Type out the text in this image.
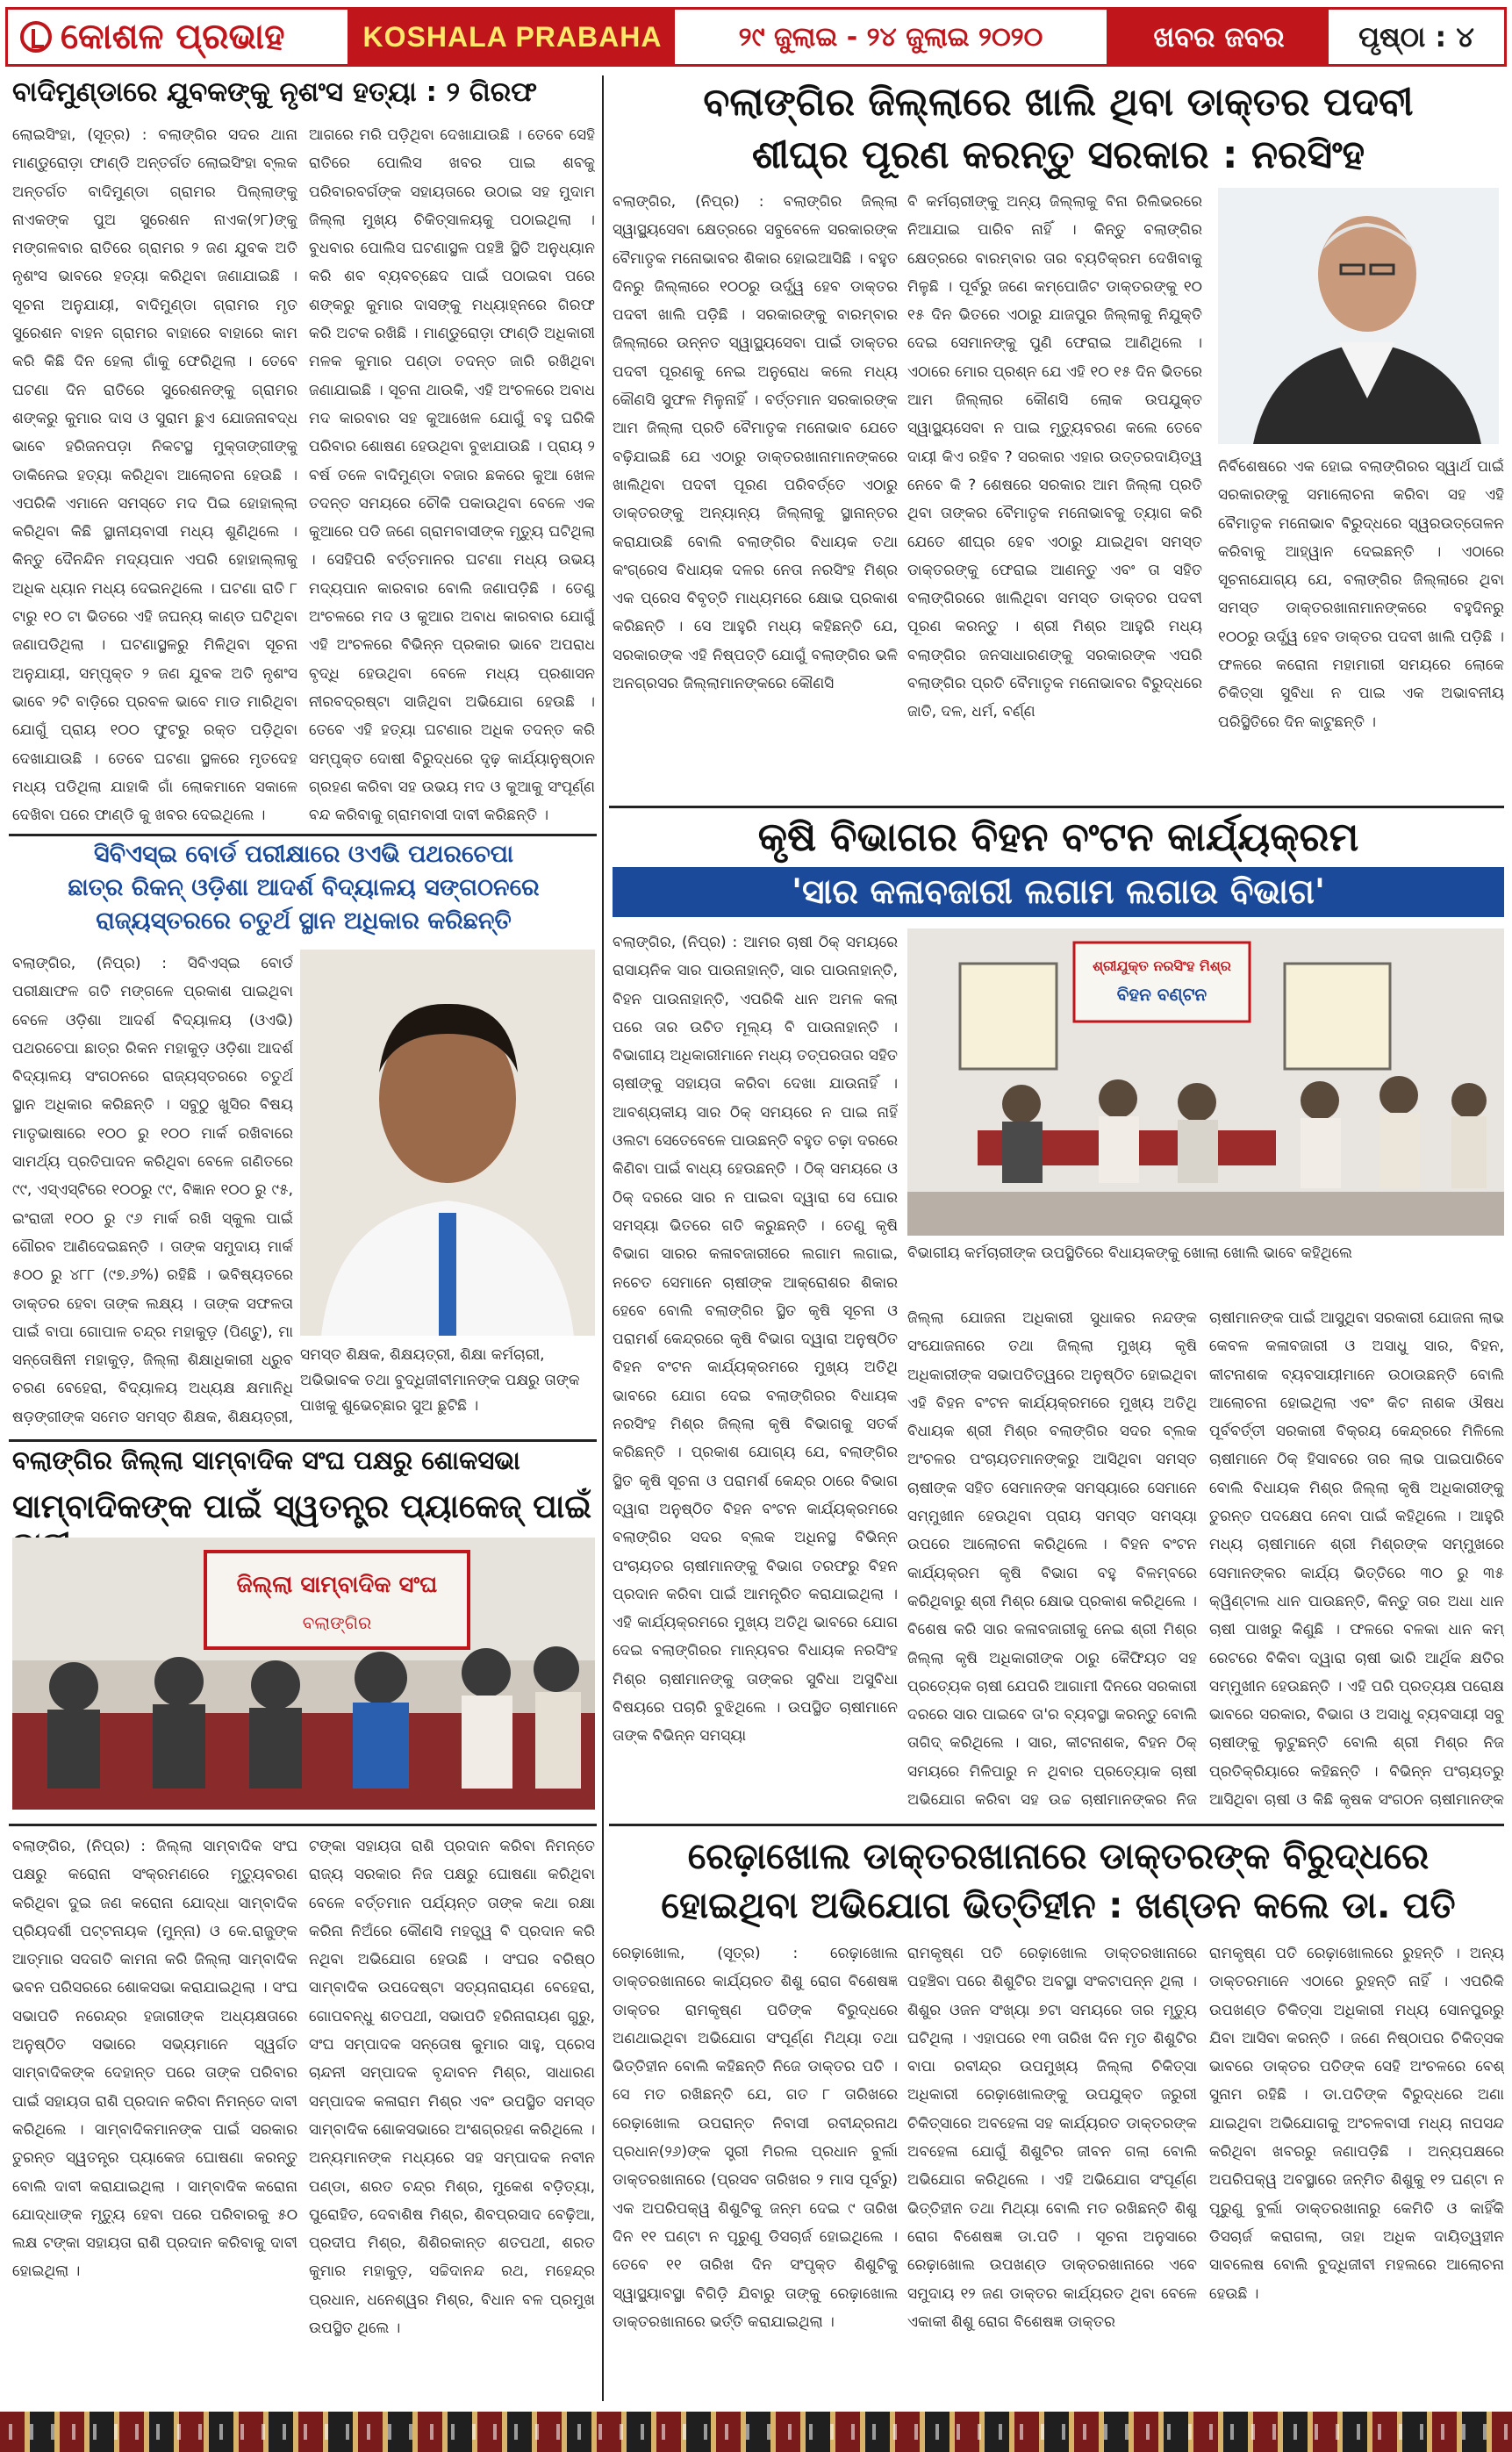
କୋଶଳ ପ୍ରଭାହ	KOSHALA PRABAHA	୨୯ ଜୁଲାଇ - ୨୪ ଜୁଲାଇ ୨୦୨୦	ଖବର ଜବର	ପୃଷ୍ଠା : ୪
ବାଦିମୁଣ୍ଡାରେ ଯୁବକଙ୍କୁ ନୃଶଂସ ହତ୍ୟା : ୨ ଗିରଫ
ଲୋଇସିଂହା, (ସୂତ୍ର) : ବଲାଙ୍ଗିର ସଦର ଥାନା ମାଣ୍ଡୁରୋଡ଼ା ଫାଣ୍ଡି ଅନ୍ତର୍ଗତ ଲୋଇସିଂହା ବ୍ଲକ ଅନ୍ତର୍ଗତ ବାଦିମୁଣ୍ଡା ଗ୍ରାମର ପିଲ୍ଲାଙ୍କୁ ନାଏକଙ୍କ ପୁଅ ସୁରେଶନ ନାଏକ(୨୮)ଙ୍କୁ ମଙ୍ଗଳବାର ରାତିରେ ଗ୍ରାମର ୨ ଜଣ ଯୁବକ ଅତି ନୃଶଂସ ଭାବରେ ହତ୍ୟା କରିଥିବା ଜଣାଯାଇଛି । ସୂଚନା ଅନୁଯାୟୀ, ବାଦିମୁଣ୍ଡା ଗ୍ରାମର ମୃତ ସୁରେଶନ ବାହନ ଗ୍ରାମର ବାହାରେ ବାହାରେ କାମ କରି କିଛି ଦିନ ହେଲା ଗାଁକୁ ଫେରିଥିଲା । ତେବେ ଘଟଣା ଦିନ ରାତିରେ ସୁରେଶନଙ୍କୁ ଗ୍ରାମର ଶଙ୍କରୁ କୁମାର ଦାସ ଓ ସୁରାମ ଛୁଏ ଯୋଜନାବଦ୍ଧ ଭାବେ ହରିଜନପଡ଼ା ନିକଟସ୍ଥ ମୁକ୍ତାଙ୍ଗୀଙ୍କୁ ଡାକିନେଇ ହତ୍ୟା କରିଥିବା ଆଲୋଚନା ହେଉଛି । ଏପରିକି ଏମାନେ ସମସ୍ତେ ମଦ ପିଇ ହୋହାଲ୍ଲା କରିଥିବା କିଛି ସ୍ଥାନୀୟବାସୀ ମଧ୍ୟ ଶୁଣିଥିଲେ । କିନ୍ତୁ ଦୈନନ୍ଦିନ ମଦ୍ୟପାନ ଏପରି ହୋହାଲ୍ଲାକୁ ଅଧିକ ଧ୍ୟାନ ମଧ୍ୟ ଦେଇନଥିଲେ । ଘଟଣା ରାତି ୮ ଟାରୁ ୧୦ ଟା ଭିତରେ ଏହି ଜଘନ୍ୟ କାଣ୍ଡ ଘଟିଥିବା ଜଣାପଡିଥିଲା । ଘଟଣାସ୍ଥଳରୁ ମିଳିଥିବା ସୂଚନା ଅନୁଯାୟୀ, ସମ୍ପୃକ୍ତ ୨ ଜଣ ଯୁବକ ଅତି ନୃଶଂସ ଭାବେ ୨ଟି ବାଡ଼ିରେ ପ୍ରବଳ ଭାବେ ମାଡ ମାରିଥିବା ଯୋଗୁଁ ପ୍ରାୟ ୧୦୦ ଫୁଟରୁ ରକ୍ତ ପଡ଼ିଥିବା ଦେଖାଯାଉଛି । ତେବେ ଘଟଣା ସ୍ଥଳରେ ମୃତଦେହ ମଧ୍ୟ ପଡିଥିଲା ଯାହାକି ଗାଁ ଲୋକମାନେ ସକାଳେ ଦେଖିବା ପରେ ଫାଣ୍ଡି କୁ ଖବର ଦେଇଥିଲେ ।
ଆଗରେ ମରି ପଡ଼ିଥିବା ଦେଖାଯାଉଛି । ତେବେ ସେହି ରାତିରେ ପୋଲିସ ଖବର ପାଇ ଶବକୁ ପରିବାରବର୍ଗଙ୍କ ସହାୟତାରେ ଉଠାଇ ସହ ମୁଦାମ ଜିଲ୍ଲା ମୁଖ୍ୟ ଚିକିତ୍ସାଳୟକୁ ପଠାଇଥିଲା । ବୁଧବାର ପୋଲିସ ଘଟଣାସ୍ଥଳ ପହଞ୍ଚି ସ୍ଥିତି ଅନୁଧ୍ୟାନ କରି ଶବ ବ୍ୟବଚ୍ଛେଦ ପାଇଁ ପଠାଇବା ପରେ ଶଙ୍କରୁ କୁମାର ଦାସଙ୍କୁ ମଧ୍ୟାହ୍ନରେ ଗିରଫ କରି ଅଟକ ରଖିଛି । ମାଣ୍ଡୁରୋଡ଼ା ଫାଣ୍ଡି ଅଧିକାରୀ ମଳକ କୁମାର ପଣ୍ଡା ତଦନ୍ତ ଜାରି ରଖିଥିବା ଜଣାଯାଇଛି । ସୂଚନା ଥାଉକି, ଏହି ଅଂଚଳରେ ଅବାଧ ମଦ କାରବାର ସହ କୁଆଖେଳ ଯୋଗୁଁ ବହୁ ଘରିକି ପରିବାର ଶୋଷଣ ହେଉଥିବା ବୁଝାଯାଉଛି । ପ୍ରାୟ ୨ ବର୍ଷ ତଳେ ବାଦିମୁଣ୍ଡା ବଜାର ଛକରେ କୁଆ ଖେଳ ତଦନ୍ତ ସମୟରେ ଚୌକି ପକାଉଥିବା ବେଳେ ଏକ କୁଆରେ ପଡି ଜଣେ ଗ୍ରାମବାସୀଙ୍କ ମୃତ୍ୟୁ ଘଟିଥିଲା । ସେହିପରି ବର୍ତ୍ତମାନର ଘଟଣା ମଧ୍ୟ ଉଭୟ ମଦ୍ୟପାନ କାରବାର ବୋଲି ଜଣାପଡ଼ିଛି । ତେଣୁ ଅଂଚଳରେ ମଦ ଓ କୁଆର ଅବାଧ କାରବାର ଯୋଗୁଁ ଏହି ଅଂଚଳରେ ବିଭିନ୍ନ ପ୍ରକାର ଭାବେ ଅପରାଧ ବୃଦ୍ଧି ହେଉଥିବା ବେଳେ ମଧ୍ୟ ପ୍ରଶାସନ ନୀରବଦ୍ରଷ୍ଟା ସାଜିଥିବା ଅଭିଯୋଗ ହେଉଛି । ତେବେ ଏହି ହତ୍ୟା ଘଟଣାର ଅଧିକ ତଦନ୍ତ କରି ସମ୍ପୃକ୍ତ ଦୋଷୀ ବିରୁଦ୍ଧରେ ଦୃଢ଼ କାର୍ଯ୍ୟାନୁଷ୍ଠାନ ଗ୍ରହଣ କରିବା ସହ ଉଭୟ ମଦ ଓ କୁଆକୁ ସଂପୂର୍ଣ୍ଣ ବନ୍ଦ କରିବାକୁ ଗ୍ରାମବାସୀ ଦାବୀ କରିଛନ୍ତି ।
ବଲାଙ୍ଗିର ଜିଲ୍ଲାରେ ଖାଲି ଥିବା ଡାକ୍ତର ପଦବୀ
ଶୀଘ୍ର ପୂରଣ କରନ୍ତୁ ସରକାର : ନରସିଂହ
ବଲାଙ୍ଗିର, (ନିପ୍ର) : ବଲାଙ୍ଗିର ଜିଲ୍ଲା ସ୍ୱାସ୍ଥ୍ୟସେବା କ୍ଷେତ୍ରରେ ସବୁବେଳେ ସରକାରଙ୍କ ବୈମାତୃକ ମନୋଭାବର ଶିକାର ହୋଇଆସିଛି । ବହୁତ ଦିନରୁ ଜିଲ୍ଲାରେ ୧୦୦ରୁ ଉର୍ଦ୍ଧ୍ୱ ହେବ ଡାକ୍ତର ପଦବୀ ଖାଲି ପଡ଼ିଛି । ସରକାରଙ୍କୁ ବାରମ୍ବାର ଜିଲ୍ଲାରେ ଉନ୍ନତ ସ୍ୱାସ୍ଥ୍ୟସେବା ପାଇଁ ଡାକ୍ତର ପଦବୀ ପୂରଣକୁ ନେଇ ଅନୁରୋଧ କଲେ ମଧ୍ୟ କୌଣସି ସୁଫଳ ମିଳୁନାହିଁ । ବର୍ତ୍ତମାନ ସରକାରଙ୍କ ଆମ ଜିଲ୍ଲା ପ୍ରତି ବୈମାତୃକ ମନୋଭାବ ଯେତେ ବଢ଼ିଯାଇଛି ଯେ ଏଠାରୁ ଡାକ୍ତରଖାନାମାନଙ୍କରେ ଖାଲିଥିବା ପଦବୀ ପୂରଣ ପରିବର୍ତ୍ତେ ଏଠାରୁ ଡାକ୍ତରଙ୍କୁ ଅନ୍ୟାନ୍ୟ ଜିଲ୍ଲାକୁ ସ୍ଥାନାନ୍ତର କରାଯାଉଛି ବୋଲି ବଲାଙ୍ଗିର ବିଧାୟକ ତଥା କଂଗ୍ରେସ ବିଧାୟକ ଦଳର ନେତା ନରସିଂହ ମିଶ୍ର ଏକ ପ୍ରେସ ବିବୃତ୍ତି ମାଧ୍ୟମରେ କ୍ଷୋଭ ପ୍ରକାଶ କରିଛନ୍ତି । ସେ ଆହୁରି ମଧ୍ୟ କହିଛନ୍ତି ଯେ, ସରକାରଙ୍କ ଏହି ନିଷ୍ପତ୍ତି ଯୋଗୁଁ ବଲାଙ୍ଗିର ଭଳି ଅନଗ୍ରସର ଜିଲ୍ଲାମାନଙ୍କରେ କୌଣସି
ବି କର୍ମଚାରୀଙ୍କୁ ଅନ୍ୟ ଜିଲ୍ଲାକୁ ବିନା ରିଲିଭରରେ ନିଆଯାଇ ପାରିବ ନାହିଁ । କିନ୍ତୁ ବଲାଙ୍ଗିର କ୍ଷେତ୍ରରେ ବାରମ୍ବାର ତାର ବ୍ୟତିକ୍ରମ ଦେଖିବାକୁ ମିଳୁଛି । ପୂର୍ବରୁ ଜଣେ କମ୍ପୋଜିଟ ଡାକ୍ତରଙ୍କୁ ୧୦ ୧୫ ଦିନ ଭିତରେ ଏଠାରୁ ଯାଜପୁର ଜିଲ୍ଲାକୁ ନିଯୁକ୍ତି ଦେଇ ସେମାନଙ୍କୁ ପୁଣି ଫେରାଇ ଆଣିଥିଲେ । ଏଠାରେ ମୋର ପ୍ରଶ୍ନ ଯେ ଏହି ୧୦ ୧୫ ଦିନ ଭିତରେ ଆମ ଜିଲ୍ଲାର କୌଣସି ଲୋକ ଉପଯୁକ୍ତ ସ୍ୱାସ୍ଥ୍ୟସେବା ନ ପାଇ ମୃତ୍ୟୁବରଣ କଲେ ତେବେ ଦାୟୀ କିଏ ରହିବ ? ସରକାର ଏହାର ଉତ୍ତରଦାୟିତ୍ୱ ନେବେ କି ? ଶେଷରେ ସରକାର ଆମ ଜିଲ୍ଲା ପ୍ରତି ଥିବା ତାଙ୍କର ବୈମାତୃକ ମନୋଭାବକୁ ତ୍ୟାଗ କରି ଯେତେ ଶୀଘ୍ର ହେବ ଏଠାରୁ ଯାଇଥିବା ସମସ୍ତ ଡାକ୍ତରଙ୍କୁ ଫେରାଇ ଆଣନ୍ତୁ ଏବଂ ତା ସହିତ ବଲାଙ୍ଗିରରେ ଖାଲିଥିବା ସମସ୍ତ ଡାକ୍ତର ପଦବୀ ପୂରଣ କରନ୍ତୁ । ଶ୍ରୀ ମିଶ୍ର ଆହୁରି ମଧ୍ୟ ବଲାଙ୍ଗିର ଜନସାଧାରଣଙ୍କୁ ସରକାରଙ୍କ ଏପରି ବଲାଙ୍ଗିର ପ୍ରତି ବୈମାତୃକ ମନୋଭାବର ବିରୁଦ୍ଧରେ ଜାତି, ଦଳ, ଧର୍ମ, ବର୍ଣ୍ଣ
ନିର୍ବିଶେଷରେ ଏକ ହୋଇ ବଲାଙ୍ଗିରର ସ୍ୱାର୍ଥ ପାଇଁ ସରକାରଙ୍କୁ ସମାଲୋଚନା କରିବା ସହ ଏହି ବୈମାତୃକ ମନୋଭାବ ବିରୁଦ୍ଧରେ ସ୍ୱରଉତ୍ତୋଳନ କରିବାକୁ ଆହ୍ୱାନ ଦେଇଛନ୍ତି । ଏଠାରେ ସୂଚନାଯୋଗ୍ୟ ଯେ, ବଲାଙ୍ଗିର ଜିଲ୍ଲାରେ ଥିବା ସମସ୍ତ ଡାକ୍ତରଖାନାମାନଙ୍କରେ ବହୁଦିନରୁ ୧୦୦ରୁ ଉର୍ଦ୍ଧ୍ୱ ହେବ ଡାକ୍ତର ପଦବୀ ଖାଲି ପଡ଼ିଛି । ଫଳରେ କରୋନା ମହାମାରୀ ସମୟରେ ଲୋକେ ଚିକିତ୍ସା ସୁବିଧା ନ ପାଇ ଏକ ଅଭାବନୀୟ ପରିସ୍ଥିତିରେ ଦିନ କାଟୁଛନ୍ତି ।
ସିବିଏସ୍‌ଇ ବୋର୍ଡ ପରୀକ୍ଷାରେ ଓଏଭି ପଥରଚେପା
ଛାତ୍ର ରିକନ୍ ଓଡ଼ିଶା ଆଦର୍ଶ ବିଦ୍ୟାଳୟ ସଙ୍ଗଠନରେ
ରାଜ୍ୟସ୍ତରରେ ଚତୁର୍ଥ ସ୍ଥାନ ଅଧିକାର କରିଛନ୍ତି
ବଲାଙ୍ଗିର, (ନିପ୍ର) : ସିବିଏସ୍‌ଇ ବୋର୍ଡ ପରୀକ୍ଷାଫଳ ଗତି ମଙ୍ଗଳେ ପ୍ରକାଶ ପାଇଥିବା ବେଳେ ଓଡ଼ିଶା ଆଦର୍ଶ ବିଦ୍ୟାଳୟ (ଓଏଭି) ପଥରଚେପା ଛାତ୍ର ରିକନ ମହାକୁଡ଼ ଓଡ଼ିଶା ଆଦର୍ଶ ବିଦ୍ୟାଳୟ ସଂଗଠନରେ ରାଜ୍ୟସ୍ତରରେ ଚତୁର୍ଥ ସ୍ଥାନ ଅଧିକାର କରିଛନ୍ତି । ସବୁଠୁ ଖୁସିର ବିଷୟ ମାତୃଭାଷାରେ ୧୦୦ ରୁ ୧୦୦ ମାର୍କ ରଖିବାରେ ସାମର୍ଥ୍ୟ ପ୍ରତିପାଦନ କରିଥିବା ବେଳେ ଗଣିତରେ ୯୯, ଏସ୍‌ଏସ୍‌ଟିରେ ୧୦୦ରୁ ୯୯, ବିଜ୍ଞାନ ୧୦୦ ରୁ ୯୫, ଇଂରାଜୀ ୧୦୦ ରୁ ୯୬ ମାର୍କ ରଖି ସ୍କୁଲ ପାଇଁ ଗୌରବ ଆଣିଦେଇଛନ୍ତି । ତାଙ୍କ ସମୁଦାୟ ମାର୍କ ୫୦୦ ରୁ ୪୮୮ (୯୭.୬%) ରହିଛି । ଭବିଷ୍ୟତରେ ଡାକ୍ତର ହେବା ତାଙ୍କ ଲକ୍ଷ୍ୟ । ତାଙ୍କ ସଫଳତା ପାଇଁ ବାପା ଗୋପାଳ ଚନ୍ଦ୍ର ମହାକୁଡ଼ (ପିଣ୍ଟୁ), ମା ସନ୍ତୋଷିନୀ ମହାକୁଡ଼, ଜିଲ୍ଲା ଶିକ୍ଷାଧିକାରୀ ଧ୍ରୁବ ଚରଣ ବେହେରା, ବିଦ୍ୟାଳୟ ଅଧ୍ୟକ୍ଷ କ୍ଷମାନିଧି ଷଡ଼ଙ୍ଗୀଙ୍କ ସମେତ ସମସ୍ତ ଶିକ୍ଷକ, ଶିକ୍ଷୟତ୍ରୀ,
ସମସ୍ତ ଶିକ୍ଷକ, ଶିକ୍ଷୟତ୍ରୀ, ଶିକ୍ଷା କର୍ମଚାରୀ, ଅଭିଭାବକ ତଥା ବୁଦ୍ଧିଜୀବୀମାନଙ୍କ ପକ୍ଷରୁ ତାଙ୍କ ପାଖକୁ ଶୁଭେଚ୍ଛାର ସୁଅ ଛୁଟିଛି ।
ବଲାଙ୍ଗିର ଜିଲ୍ଲା ସାମ୍ବାଦିକ ସଂଘ ପକ୍ଷରୁ ଶୋକସଭା
ସାମ୍ବାଦିକଙ୍କ ପାଇଁ ସ୍ୱତନ୍ତ୍ର ପ୍ୟାକେଜ୍ ପାଇଁ
ଜିଲ୍ଲା ସାମ୍ବାଦିକ ସଂଘ
ବଲାଙ୍ଗିର
ବଲାଙ୍ଗିର, (ନିପ୍ର) : ଜିଲ୍ଲା ସାମ୍ବାଦିକ ସଂଘ ପକ୍ଷରୁ କରୋନା ସଂକ୍ରମଣରେ ମୃତ୍ୟୁବରଣ କରିଥିବା ଦୁଇ ଜଣ କରୋନା ଯୋଦ୍ଧା ସାମ୍ବାଦିକ ପ୍ରିୟଦର୍ଶୀ ପଟ୍ଟନାୟକ (ମୁନ୍ନା) ଓ କେ.ରାଜୁଙ୍କ ଆତ୍ମାର ସଦଗତି କାମନା କରି ଜିଲ୍ଲା ସାମ୍ବାଦିକ ଭବନ ପରିସରରେ ଶୋକସଭା କରାଯାଇଥିଲା । ସଂଘ ସଭାପତି ନରେନ୍ଦ୍ର ହଜାରୀଙ୍କ ଅଧ୍ୟକ୍ଷତାରେ ଅନୁଷ୍ଠିତ ସଭାରେ ସଭ୍ୟମାନେ ସ୍ୱର୍ଗତ ସାମ୍ବାଦିକଙ୍କ ଦେହାନ୍ତ ପରେ ତାଙ୍କ ପରିବାର ପାଇଁ ସହାୟତା ରାଶି ପ୍ରଦାନ କରିବା ନିମନ୍ତେ ଦାବୀ କରିଥିଲେ । ସାମ୍ବାଦିକମାନଙ୍କ ପାଇଁ ସରକାର ତୁରନ୍ତ ସ୍ୱତନ୍ତ୍ର ପ୍ୟାକେଜ ଘୋଷଣା କରନ୍ତୁ ବୋଲି ଦାବୀ କରାଯାଇଥିଲା । ସାମ୍ବାଦିକ କରୋନା ଯୋଦ୍ଧାଙ୍କ ମୃତ୍ୟୁ ହେବା ପରେ ପରିବାରକୁ ୫୦ ଲକ୍ଷ ଟଙ୍କା ସହାୟତା ରାଶି ପ୍ରଦାନ କରିବାକୁ ଦାବୀ ହୋଇଥିଲା ।
ଟଙ୍କା ସହାୟତା ରାଶି ପ୍ରଦାନ କରିବା ନିମନ୍ତେ ରାଜ୍ୟ ସରକାର ନିଜ ପକ୍ଷରୁ ଘୋଷଣା କରିଥିବା ବେଳେ ବର୍ତ୍ତମାନ ପର୍ଯ୍ୟନ୍ତ ତାଙ୍କ କଥା ରକ୍ଷା କରିନା ନିଅଁରେ କୌଣସି ମହତ୍ତ୍ୱ ବି ପ୍ରଦାନ କରି ନଥିବା ଅଭିଯୋଗ ହେଉଛି । ସଂଘର ବରିଷ୍ଠ ସାମ୍ବାଦିକ ଉପଦେଷ୍ଟା ସତ୍ୟନାରାୟଣ ବେହେରା, ଗୋପବନ୍ଧୁ ଶତପଥୀ, ସଭାପତି ହରିନାରାୟଣ ଗୁରୁ, ସଂଘ ସମ୍ପାଦକ ସନ୍ତୋଷ କୁମାର ସାହୁ, ପ୍ରେସ ଚାନ୍ଦନୀ ସମ୍ପାଦକ ବୃନ୍ଦାବନ ମିଶ୍ର, ସାଧାରଣ ସମ୍ପାଦକ କଳାରାମ ମିଶ୍ର ଏବଂ ଉପସ୍ଥିତ ସମସ୍ତ ସାମ୍ବାଦିକ ଶୋକସଭାରେ ଅଂଶଗ୍ରହଣ କରିଥିଲେ । ଅନ୍ୟମାନଙ୍କ ମଧ୍ୟରେ ସହ ସମ୍ପାଦକ ନବୀନ ପଣ୍ଡା, ଶରତ ଚନ୍ଦ୍ର ମିଶ୍ର, ମୁକେଶ ବଡ଼ିତ୍ୟା, ପୁରୋହିତ, ଦେବାଶିଷ ମିଶ୍ର, ଶିବପ୍ରସାଦ ବେଢ଼ିଆ, ପ୍ରଦୀପ ମିଶ୍ର, ଶିଶିରକାନ୍ତ ଶତପଥୀ, ଶରତ କୁମାର ମହାକୁଡ଼, ସଚ୍ଚିଦାନନ୍ଦ ରଥ, ମହେନ୍ଦ୍ର ପ୍ରଧାନ, ଧନେଶ୍ୱର ମିଶ୍ର, ବିଧାନ ବଳ ପ୍ରମୁଖ ଉପସ୍ଥିତ ଥିଲେ ।
କୃଷି ବିଭାଗର ବିହନ ବଂଟନ କାର୍ଯ୍ୟକ୍ରମ
'ସାର କଳାବଜାରୀ ଲଗାମ ଲଗାଉ ବିଭାଗ'
ବଲାଙ୍ଗିର, (ନିପ୍ର) : ଆମର ଚାଷୀ ଠିକ୍ ସମୟରେ ରାସାୟନିକ ସାର ପାଉନାହାନ୍ତି, ସାର ପାଉନାହାନ୍ତି, ବିହନ ପାଉନାହାନ୍ତି, ଏପରିକି ଧାନ ଅମଳ କଲା ପରେ ତାର ଉଚିତ ମୂଲ୍ୟ ବି ପାଉନାହାନ୍ତି । ବିଭାଗୀୟ ଅଧିକାରୀମାନେ ମଧ୍ୟ ତତ୍ପରତାର ସହିତ ଚାଷୀଙ୍କୁ ସହାୟତା କରିବା ଦେଖା ଯାଉନାହିଁ । ଆବଶ୍ୟକୀୟ ସାର ଠିକ୍ ସମୟରେ ନ ପାଇ ନାହିଁ ଓଲଟା ସେତେବେଳେ ପାଉଛନ୍ତି ବହୁତ ଚଢ଼ା ଦରରେ କିଣିବା ପାଇଁ ବାଧ୍ୟ ହେଉଛନ୍ତି । ଠିକ୍ ସମୟରେ ଓ ଠିକ୍ ଦରରେ ସାର ନ ପାଇବା ଦ୍ୱାରା ସେ ଘୋର ସମସ୍ୟା ଭିତରେ ଗତି କରୁଛନ୍ତି । ତେଣୁ କୃଷି ବିଭାଗ ସାରର କଳାବଜାରୀରେ ଲଗାମ ଲଗାଇ, ନଚେତ ସେମାନେ ଚାଷୀଙ୍କ ଆକ୍ରୋଶର ଶିକାର ହେବେ ବୋଲି ବଲାଙ୍ଗିର ସ୍ଥିତ କୃଷି ସୂଚନା ଓ ପରାମର୍ଶ କେନ୍ଦ୍ରରେ କୃଷି ବିଭାଗ ଦ୍ୱାରା ଅନୁଷ୍ଠିତ ବିହନ ବଂଟନ କାର୍ଯ୍ୟକ୍ରମରେ ମୁଖ୍ୟ ଅତିଥି ଭାବରେ ଯୋଗ ଦେଇ ବଲାଙ୍ଗିରର ବିଧାୟକ ନରସିଂହ ମିଶ୍ର ଜିଲ୍ଲା କୃଷି ବିଭାଗକୁ ସତର୍କ କରିଛନ୍ତି । ପ୍ରକାଶ ଯୋଗ୍ୟ ଯେ, ବଲାଙ୍ଗିର ସ୍ଥିତ କୃଷି ସୂଚନା ଓ ପରାମର୍ଶ କେନ୍ଦ୍ର ଠାରେ ବିଭାଗ ଦ୍ୱାରା ଅନୁଷ୍ଠିତ ବିହନ ବଂଟନ କାର୍ଯ୍ୟକ୍ରମରେ ବଲାଙ୍ଗିର ସଦର ବ୍ଲକ ଅଧିନସ୍ଥ ବିଭିନ୍ନ ପଂଚାୟତର ଚାଷୀମାନଙ୍କୁ ବିଭାଗ ତରଫରୁ ବିହନ ପ୍ରଦାନ କରିବା ପାଇଁ ଆମନ୍ତ୍ରିତ କରାଯାଇଥିଲା । ଏହି କାର୍ଯ୍ୟକ୍ରମରେ ମୁଖ୍ୟ ଅତିଥି ଭାବରେ ଯୋଗ ଦେଇ ବଲାଙ୍ଗିରର ମାନ୍ୟବର ବିଧାୟକ ନରସିଂହ ମିଶ୍ର ଚାଷୀମାନଙ୍କୁ ତାଙ୍କର ସୁବିଧା ଅସୁବିଧା ବିଷୟରେ ପଚାରି ବୁଝିଥିଲେ । ଉପସ୍ଥିତ ଚାଷୀମାନେ ତାଙ୍କ ବିଭିନ୍ନ ସମସ୍ୟା
ଶ୍ରୀଯୁକ୍ତ ନରସିଂହ ମିଶ୍ର
ବିହନ ବଣ୍ଟନ
ବିଭାଗୀୟ କର୍ମଚାରୀଙ୍କ ଉପସ୍ଥିତିରେ ବିଧାୟକଙ୍କୁ ଖୋଲା ଖୋଲି ଭାବେ କହିଥିଲେ
ଜିଲ୍ଲା ଯୋଜନା ଅଧିକାରୀ ସୁଧାକର ନନ୍ଦଙ୍କ ସଂଯୋଜନାରେ ତଥା ଜିଲ୍ଲା ମୁଖ୍ୟ କୃଷି ଅଧିକାରୀଙ୍କ ସଭାପତିତ୍ୱରେ ଅନୁଷ୍ଠିତ ହୋଇଥିବା ଏହି ବିହନ ବଂଟନ କାର୍ଯ୍ୟକ୍ରମରେ ମୁଖ୍ୟ ଅତିଥି ବିଧାୟକ ଶ୍ରୀ ମିଶ୍ର ବଲାଙ୍ଗିର ସଦର ବ୍ଲକ ଅଂଚଳର ପଂଚାୟତମାନଙ୍କରୁ ଆସିଥିବା ସମସ୍ତ ଚାଷୀଙ୍କ ସହିତ ସେମାନଙ୍କ ସମସ୍ୟାରେ ସେମାନେ ସମ୍ମୁଖୀନ ହେଉଥିବା ପ୍ରାୟ ସମସ୍ତ ସମସ୍ୟା ଉପରେ ଆଲୋଚନା କରିଥିଲେ । ବିହନ ବଂଟନ କାର୍ଯ୍ୟକ୍ରମ କୃଷି ବିଭାଗ ବହୁ ବିଳମ୍ବରେ କରିଥିବାରୁ ଶ୍ରୀ ମିଶ୍ର କ୍ଷୋଭ ପ୍ରକାଶ କରିଥିଲେ । ବିଶେଷ କରି ସାର କଳାବଜାରୀକୁ ନେଇ ଶ୍ରୀ ମିଶ୍ର ଜିଲ୍ଲା କୃଷି ଅଧିକାରୀଙ୍କ ଠାରୁ କୈଫିୟତ ସହ ପ୍ରତ୍ୟେକ ଚାଷୀ ଯେପରି ଆଗାମୀ ଦିନରେ ସରକାରୀ ଦରରେ ସାର ପାଇବେ ତା'ର ବ୍ୟବସ୍ଥା କରନ୍ତୁ ବୋଲି ତାଗିଦ୍ କରିଥିଲେ । ସାର, କୀଟନାଶକ, ବିହନ ଠିକ୍ ସମୟରେ ମିଳିପାରୁ ନ ଥିବାର ପ୍ରତ୍ୟୋକ ଚାଷୀ ଅଭିଯୋଗ କରିବା ସହ ଉଚ୍ଚ ଚାଷୀମାନଙ୍କର ନିଜ
ଚାଷୀମାନଙ୍କ ପାଇଁ ଆସୁଥିବା ସରକାରୀ ଯୋଜନା ଲାଭ କେବଳ କଳାବଜାରୀ ଓ ଅସାଧୁ ସାର, ବିହନ, କୀଟନାଶକ ବ୍ୟବସାୟୀମାନେ ଉଠାଉଛନ୍ତି ବୋଲି ଆଲୋଚନା ହୋଇଥିଲା ଏବଂ କିଟ ନାଶକ ଔଷଧ ପୂର୍ବବର୍ତ୍ତୀ ସରକାରୀ ବିକ୍ରୟ କେନ୍ଦ୍ରରେ ମିଳିଲେ ଚାଷୀମାନେ ଠିକ୍ ହିସାବରେ ତାର ଲାଭ ପାଇପାରିବେ ବୋଲି ବିଧାୟକ ମିଶ୍ର ଜିଲ୍ଲା କୃଷି ଅଧିକାରୀଙ୍କୁ ତୁରନ୍ତ ପଦକ୍ଷେପ ନେବା ପାଇଁ କହିଥିଲେ । ଆହୁରି ମଧ୍ୟ ଚାଷୀମାନେ ଶ୍ରୀ ମିଶ୍ରଙ୍କ ସମ୍ମୁଖରେ ସେମାନଙ୍କର କାର୍ଯ୍ୟ ଭିତ୍ତିରେ ୩୦ ରୁ ୩୫ କ୍ୱିଣ୍ଟାଲ ଧାନ ପାଉଛନ୍ତି, କିନ୍ତୁ ତାର ଅଧା ଧାନ ଚାଷୀ ପାଖରୁ କିଣୁଛି । ଫଳରେ ବଳକା ଧାନ କମ୍ ରେଟରେ ବିକିବା ଦ୍ୱାରା ଚାଷୀ ଭାରି ଆର୍ଥିକ କ୍ଷତିର ସମ୍ମୁଖୀନ ହେଉଛନ୍ତି । ଏହି ପରି ପ୍ରତ୍ୟକ୍ଷ ପରୋକ୍ଷ ଭାବରେ ସରକାର, ବିଭାଗ ଓ ଅସାଧୁ ବ୍ୟବସାୟୀ ସବୁ ଚାଷୀଙ୍କୁ ଲୁଟୁଛନ୍ତି ବୋଲି ଶ୍ରୀ ମିଶ୍ର ନିଜ ପ୍ରତିକ୍ରିୟାରେ କହିଛନ୍ତି । ବିଭିନ୍ନ ପଂଚାୟତରୁ ଆସିଥିବା ଚାଷୀ ଓ କିଛି କୃଷକ ସଂଗଠନ ଚାଷୀମାନଙ୍କ
ରେଢ଼ାଖୋଲ ଡାକ୍ତରଖାନାରେ ଡାକ୍ତରଙ୍କ ବିରୁଦ୍ଧରେ
ହୋଇଥିବା ଅଭିଯୋଗ ଭିତ୍ତିହୀନ : ଖଣ୍ଡନ କଲେ ଡା. ପତି
ରେଢ଼ାଖୋଲ, (ସୂତ୍ର) : ରେଢ଼ାଖୋଲ ଡାକ୍ତରଖାନାରେ କାର୍ଯ୍ୟରତ ଶିଶୁ ରୋଗ ବିଶେଷଜ୍ଞ ଡାକ୍ତର ରାମକୃଷ୍ଣ ପତିଙ୍କ ବିରୁଦ୍ଧରେ ଅଣଥାଇଥିବା ଅଭିଯୋଗ ସଂପୂର୍ଣ୍ଣ ମିଥ୍ୟା ତଥା ଭିତ୍ତିହୀନ ବୋଲି କହିଛନ୍ତି ନିଜେ ଡାକ୍ତର ପତି । ସେ ମତ ରଖିଛନ୍ତି ଯେ, ଗତ ୮ ତାରିଖରେ ରେଢ଼ାଖୋଲ ଉପରାନ୍ତ ନିବାସୀ ରବୀନ୍ଦ୍ରନାଥ ପ୍ରଧାନ(୨୬)ଙ୍କ ସ୍ତ୍ରୀ ମିରଲ ପ୍ରଧାନ ବୁର୍ଲା ଡାକ୍ତରଖାନାରେ (ପ୍ରସବ ତାରିଖର ୨ ମାସ ପୂର୍ବରୁ) ଏକ ଅପରିପକ୍ୱ ଶିଶୁଟିକୁ ଜନ୍ମ ଦେଇ ୯ ତାରିଖ ଦିନ ୧୧ ଘଣ୍ଟା ନ ପୂରୁଣୁ ଡିସଚାର୍ଜ ହୋଇଥିଲେ । ତେବେ ୧୧ ତାରିଖ ଦିନ ସଂପୃକ୍ତ ଶିଶୁଟିକୁ ସ୍ୱାସ୍ଥ୍ୟାବସ୍ଥା ବିଗିଡ଼ି ଯିବାରୁ ତାଙ୍କୁ ରେଢ଼ାଖୋଲ ଡାକ୍ତରଖାନାରେ ଭର୍ତ୍ତି କରାଯାଇଥିଲା ।
ରାମକୃଷ୍ଣ ପତି ରେଢ଼ାଖୋଲ ଡାକ୍ତରଖାନାରେ ପହଞ୍ଚିବା ପରେ ଶିଶୁଟିର ଅବସ୍ଥା ସଂକଟାପନ୍ନ ଥିଲା । ଶିଶୁର ଓଜନ ସଂଖ୍ୟା ୭ଟା ସମୟରେ ତାର ମୃତ୍ୟୁ ଘଟିଥିଲା । ଏହାପରେ ୧୩ ତାରିଖ ଦିନ ମୃତ ଶିଶୁଟିର ବାପା ରବୀନ୍ଦ୍ର ଉପମୁଖ୍ୟ ଜିଲ୍ଲା ଚିକିତ୍ସା ଅଧିକାରୀ ରେଢ଼ାଖୋଲଙ୍କୁ ଉପଯୁକ୍ତ ଜରୁରୀ ଚିକିତ୍ସାରେ ଅବହେଳା ସହ କାର୍ଯ୍ୟରତ ଡାକ୍ତରଙ୍କ ଅବହେଳା ଯୋଗୁଁ ଶିଶୁଟିର ଜୀବନ ଗଲା ବୋଲି ଅଭିଯୋଗ କରିଥିଲେ । ଏହି ଅଭିଯୋଗ ସଂପୂର୍ଣ୍ଣ ଭିତ୍ତିହୀନ ତଥା ମିଥ୍ୟା ବୋଲି ମତ ରଖିଛନ୍ତି ଶିଶୁ ରୋଗ ବିଶେଷଜ୍ଞ ଡା.ପତି । ସୂଚନା ଅନୁସାରେ ରେଢ଼ାଖୋଲ ଉପଖଣ୍ଡ ଡାକ୍ତରଖାନାରେ ଏବେ ସମୁଦାୟ ୧୨ ଜଣ ଡାକ୍ତର କାର୍ଯ୍ୟରତ ଥିବା ବେଳେ ଏକାକୀ ଶିଶୁ ରୋଗ ବିଶେଷଜ୍ଞ ଡାକ୍ତର
ରାମକୃଷ୍ଣ ପତି ରେଢ଼ାଖୋଲରେ ରୁହନ୍ତି । ଅନ୍ୟ ଡାକ୍ତରମାନେ ଏଠାରେ ରୁହନ୍ତି ନାହିଁ । ଏପରିକି ଉପଖଣ୍ଡ ଚିକିତ୍ସା ଅଧିକାରୀ ମଧ୍ୟ ସୋନପୁରରୁ ଯିବା ଆସିବା କରନ୍ତି । ଜଣେ ନିଷ୍ଠାପର ଚିକିତ୍ସକ ଭାବରେ ଡାକ୍ତର ପତିଙ୍କ ସେହି ଅଂଚଳରେ ବେଶ୍ ସୁନାମ ରହିଛି । ଡା.ପତିଙ୍କ ବିରୁଦ୍ଧରେ ଅଣା ଯାଇଥିବା ଅଭିଯୋଗକୁ ଅଂଚଳବାସୀ ମଧ୍ୟ ନାପସନ୍ଦ କରିଥିବା ଖବରରୁ ଜଣାପଡ଼ିଛି । ଅନ୍ୟପକ୍ଷରେ ଅପରିପକ୍ୱ ଅବସ୍ଥାରେ ଜନ୍ମିତ ଶିଶୁକୁ ୧୨ ଘଣ୍ଟା ନ ପୂରୁଣୁ ବୁର୍ଲା ଡାକ୍ତରଖାନାରୁ କେମିତି ଓ କାହିଁକି ଡିସଚାର୍ଜ କରାଗଲା, ତାହା ଅଧିକ ଦାୟିତ୍ୱହୀନ ସାବଲେଷ ବୋଲି ବୁଦ୍ଧିଜୀବୀ ମହଲରେ ଆଲୋଚନା ହେଉଛି ।
